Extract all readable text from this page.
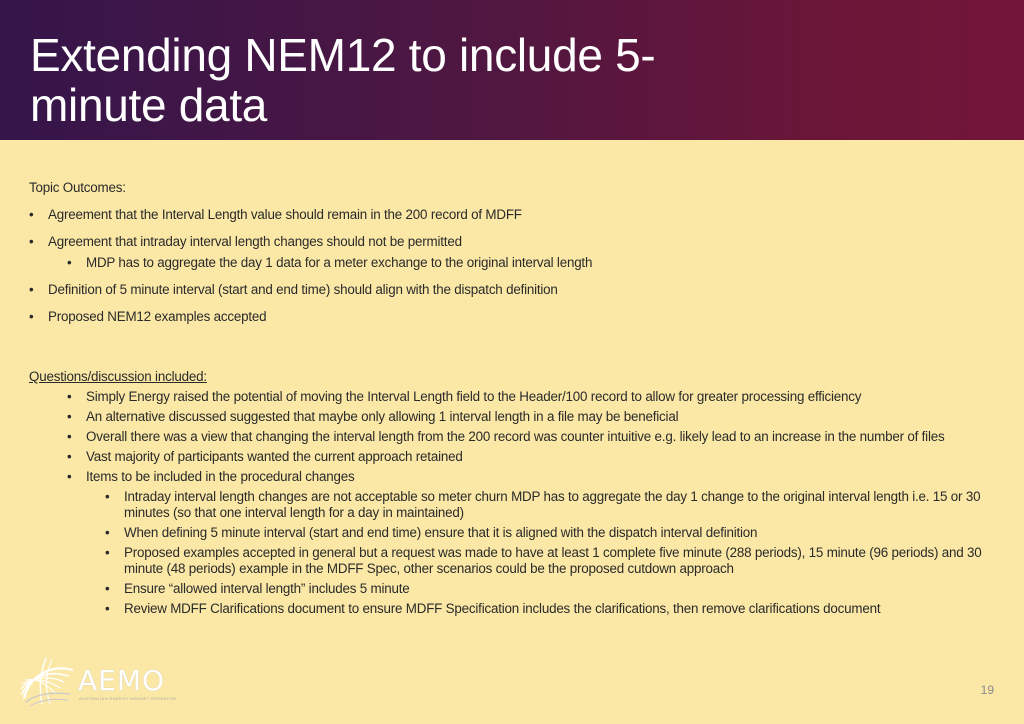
Extending NEM12 to include 5-minute data

Topic Outcomes:

• Agreement that the Interval Length value should remain in the 200 record of MDFF
• Agreement that intraday interval length changes should not be permitted
• MDP has to aggregate the day 1 data for a meter exchange to the original interval length
• Definition of 5 minute interval (start and end time) should align with the dispatch definition
• Proposed NEM12 examples accepted

Questions/discussion included:

• Simply Energy raised the potential of moving the Interval Length field to the Header/100 record to allow for greater processing efficiency
• An alternative discussed suggested that maybe only allowing 1 interval length in a file may be beneficial
• Overall there was a view that changing the interval length from the 200 record was counter intuitive e.g. likely lead to an increase in the number of files
• Vast majority of participants wanted the current approach retained
• Items to be included in the procedural changes
• Intraday interval length changes are not acceptable so meter churn MDP has to aggregate the day 1 change to the original interval length i.e. 15 or 30 minutes (so that one interval length for a day in maintained)
• When defining 5 minute interval (start and end time) ensure that it is aligned with the dispatch interval definition
• Proposed examples accepted in general but a request was made to have at least 1 complete five minute (288 periods), 15 minute (96 periods) and 30 minute (48 periods) example in the MDFF Spec, other scenarios could be the proposed cutdown approach
• Ensure “allowed interval length” includes 5 minute
• Review MDFF Clarifications document to ensure MDFF Specification includes the clarifications, then remove clarifications document
AEMO
AUSTRALIAN ENERGY MARKET OPERATOR
19
